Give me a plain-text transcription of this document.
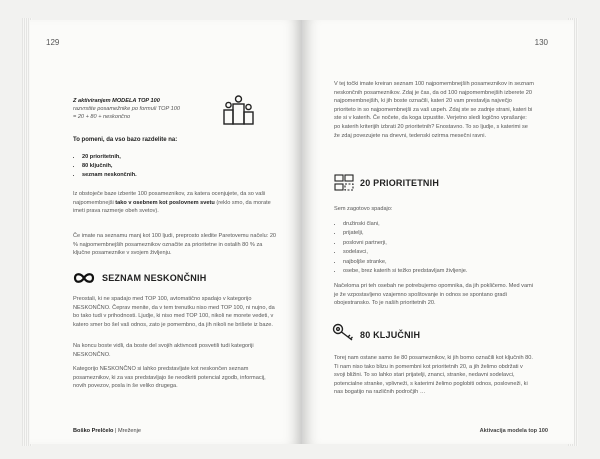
129
Z aktiviranjem MODELA TOP 100
razvrstite posamežnike po formuli TOP 100
= 20 + 80 + neskončno
To pomeni, da vso bazo razdelite na:
• 20 prioritetnih,
• 80 ključnih,
• seznam neskončnih.
Iz obstoječe baze izberite 100 posameznikov, za katera ocenjujete, da so vaši najpomembnejši tako v osebnem kot poslovnem svetu (reklo smo, da morate imeti prava razmerje obeh svetov).
Če imate na seznamu manj kot 100 ljudi, preprosto sledite Paretovemu načelu: 20 % najpomembnejših posameznikov označite za prioritetne in ostalih 80 % za ključne posameznike v svojem življenju.
SEZNAM NESKONČNIH
Preostali, ki ne spadajo med TOP 100, avtomatično spadajo v kategorijo NESKONČNO. Čeprav menite, da v tem trenutku niso med TOP 100, ni nujno, da bo tako tudi v prihodnosti. Ljudje, ki niso med TOP 100, nikoli ne morete vedeti, v katero smer bo šel vaš odnos, zato je pomembno, da jih nikoli ne brišete iz baze.
Na koncu boste vidli, da boste del svojih aktivnosti posvetili tudi kategoriji NESKONČNO.
Kategorijo NESKONČNO si lahko predstavljate kot neskončen seznam posameznikov, ki za vas predstavljajo še neodkriti potencial zgodb, informacij, novih povezov, posla in še veliko drugega.
Boško Prelčelo | Mreženje
130
V tej točki imate kreiran seznam 100 najpomembnejših posameznikov in seznam neskončnih posameznikov. Zdaj je čas, da od 100 najpomembnejših izberete 20 najpomembnejših, ki jih boste označili, kateri 20 vam prestavlja največjo prioriteto in so najpomembnejši za vaš uspeh. Zdaj ste se zadnje strani, kateri bi ste si v katerih. Če nočete, da koga izpustite. Verjetno sledi logično vprašanje: po katerih kriterijih izbrati 20 prioritetnih? Enostavno. To so ljudje, s katerimi se že zdaj povezujete na dnevni, tedenski ozirma mesečni ravni.
20 PRIORITETNIH
Sem zagotovo spadajo:
• družinski člani,
• prijatelji,
• poslovni partnerji,
• sodelavci,
• najboljše stranke,
• osebe, brez katerih si težko predstavljam življenje.
Načeloma pri teh osebah ne potrebujemo opomnika, da jih pokličemo. Med vami je že vzpostavljeno vzajemno spoštovanje in odnos se spontano gradi obojestransko. To je naših prioritetnih 20.
80 KLJUČNIH
Torej nam ostane samo še 80 posameznikov, ki jih bomo označili kot ključnih 80. Ti nam niso tako blizu in pomembni kot prioritetnih 20, a jih želimo obdržati v svoji bližini. To so lahko stari prijatelji, znanci, stranke, nedavni sodelavci, potencialne stranke, vplivneži, s katerimi želimo poglobiti odnos, poslovneži, ki nas bogatijo na različnih področjih …
Aktivacija modela top 100
